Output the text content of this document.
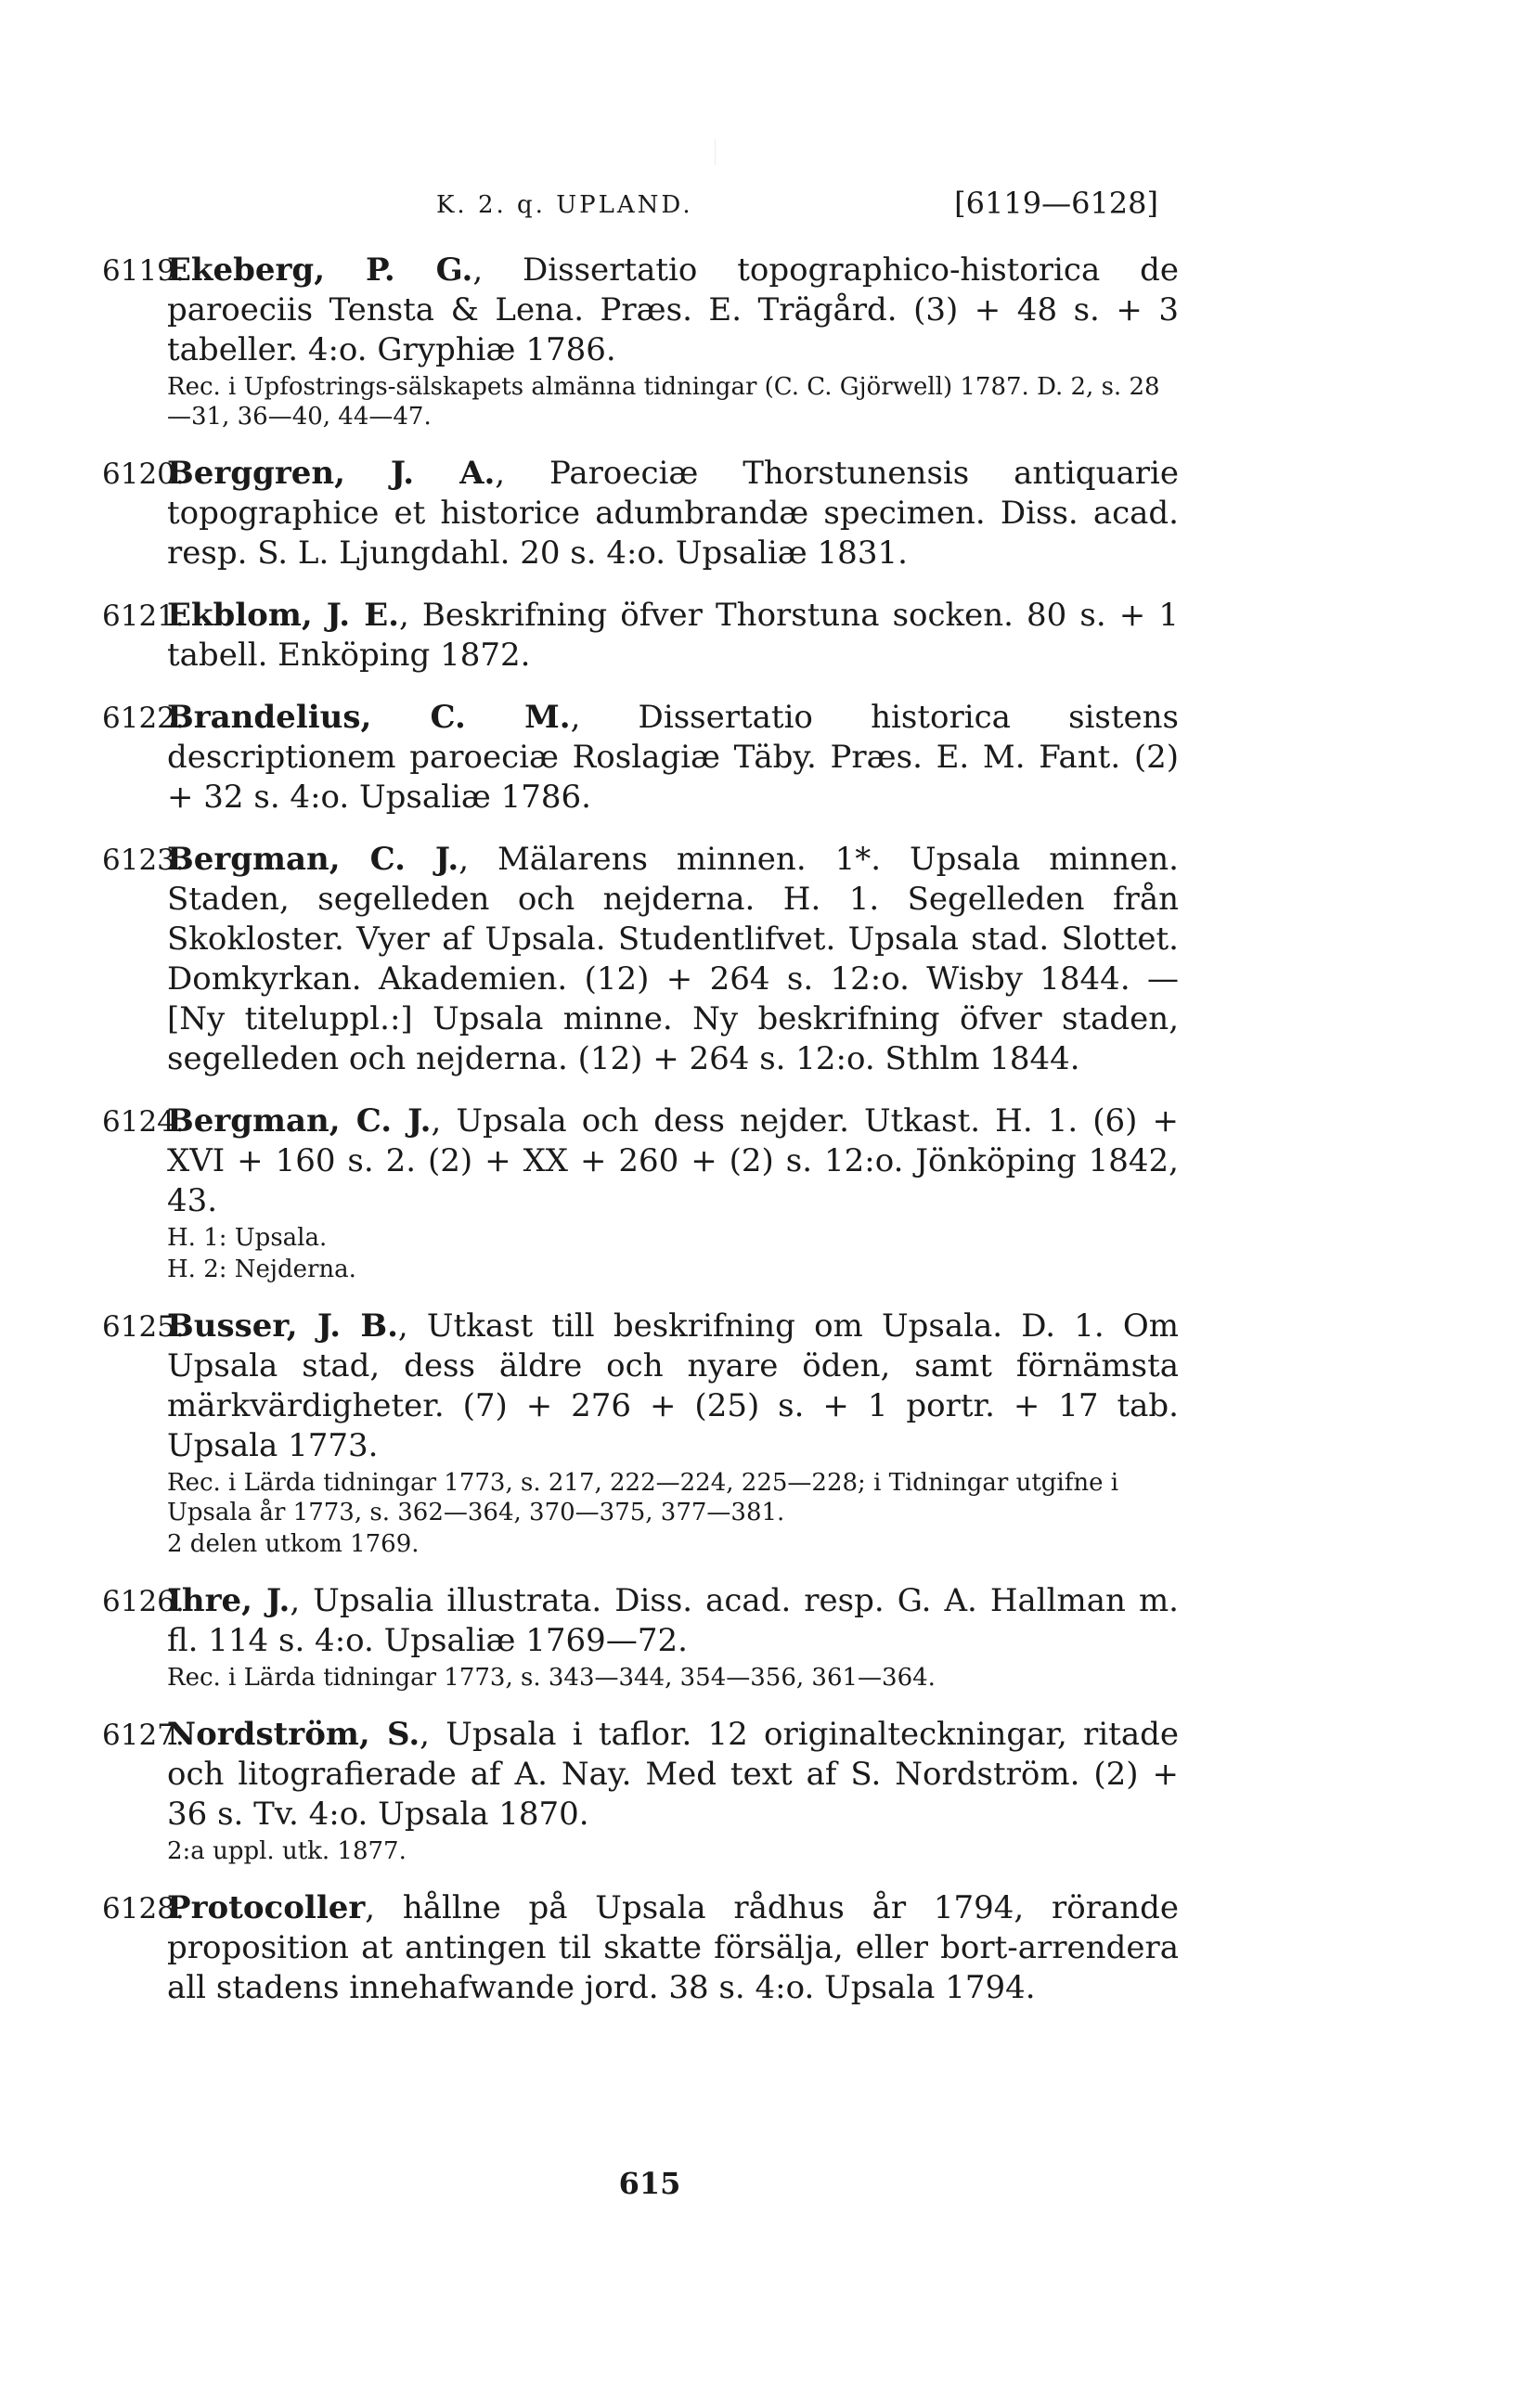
K. 2. q. UPLAND.	[6119—6128]
6119.
Ekeberg, P. G., Dissertatio topographico-historica de paroeciis Tensta & Lena. Præs. E. Trägård. (3) + 48 s. + 3 tabeller. 4:o. Gryphiæ 1786.
Rec. i Upfostrings-sälskapets almänna tidningar (C. C. Gjörwell) 1787. D. 2, s. 28—31, 36—40, 44—47.
6120.
Berggren, J. A., Paroeciæ Thorstunensis antiquarie topographice et historice adumbrandæ specimen. Diss. acad. resp. S. L. Ljungdahl. 20 s. 4:o. Upsaliæ 1831.
6121.
Ekblom, J. E., Beskrifning öfver Thorstuna socken. 80 s. + 1 tabell. Enköping 1872.
6122.
Brandelius, C. M., Dissertatio historica sistens descriptionem paroeciæ Roslagiæ Täby. Præs. E. M. Fant. (2) + 32 s. 4:o. Upsaliæ 1786.
6123.
Bergman, C. J., Mälarens minnen. 1*. Upsala minnen. Staden, segelleden och nejderna. H. 1. Segelleden från Skokloster. Vyer af Upsala. Studentlifvet. Upsala stad. Slottet. Domkyrkan. Akademien. (12) + 264 s. 12:o. Wisby 1844. — [Ny titeluppl.:] Upsala minne. Ny beskrifning öfver staden, segelleden och nejderna. (12) + 264 s. 12:o. Sthlm 1844.
6124.
Bergman, C. J., Upsala och dess nejder. Utkast. H. 1. (6) + XVI + 160 s. 2. (2) + XX + 260 + (2) s. 12:o. Jönköping 1842, 43.
H. 1: Upsala.
H. 2: Nejderna.
6125.
Busser, J. B., Utkast till beskrifning om Upsala. D. 1. Om Upsala stad, dess äldre och nyare öden, samt förnämsta märkvärdigheter. (7) + 276 + (25) s. + 1 portr. + 17 tab. Upsala 1773.
Rec. i Lärda tidningar 1773, s. 217, 222—224, 225—228; i Tidningar utgifne i Upsala år 1773, s. 362—364, 370—375, 377—381.
2 delen utkom 1769.
6126.
Ihre, J., Upsalia illustrata. Diss. acad. resp. G. A. Hallman m. fl. 114 s. 4:o. Upsaliæ 1769—72.
Rec. i Lärda tidningar 1773, s. 343—344, 354—356, 361—364.
6127.
Nordström, S., Upsala i taflor. 12 originalteckningar, ritade och litografierade af A. Nay. Med text af S. Nordström. (2) + 36 s. Tv. 4:o. Upsala 1870.
2:a uppl. utk. 1877.
6128.
Protocoller, hållne på Upsala rådhus år 1794, rörande proposition at antingen til skatte försälja, eller bort-arrendera all stadens innehafwande jord. 38 s. 4:o. Upsala 1794.
615
